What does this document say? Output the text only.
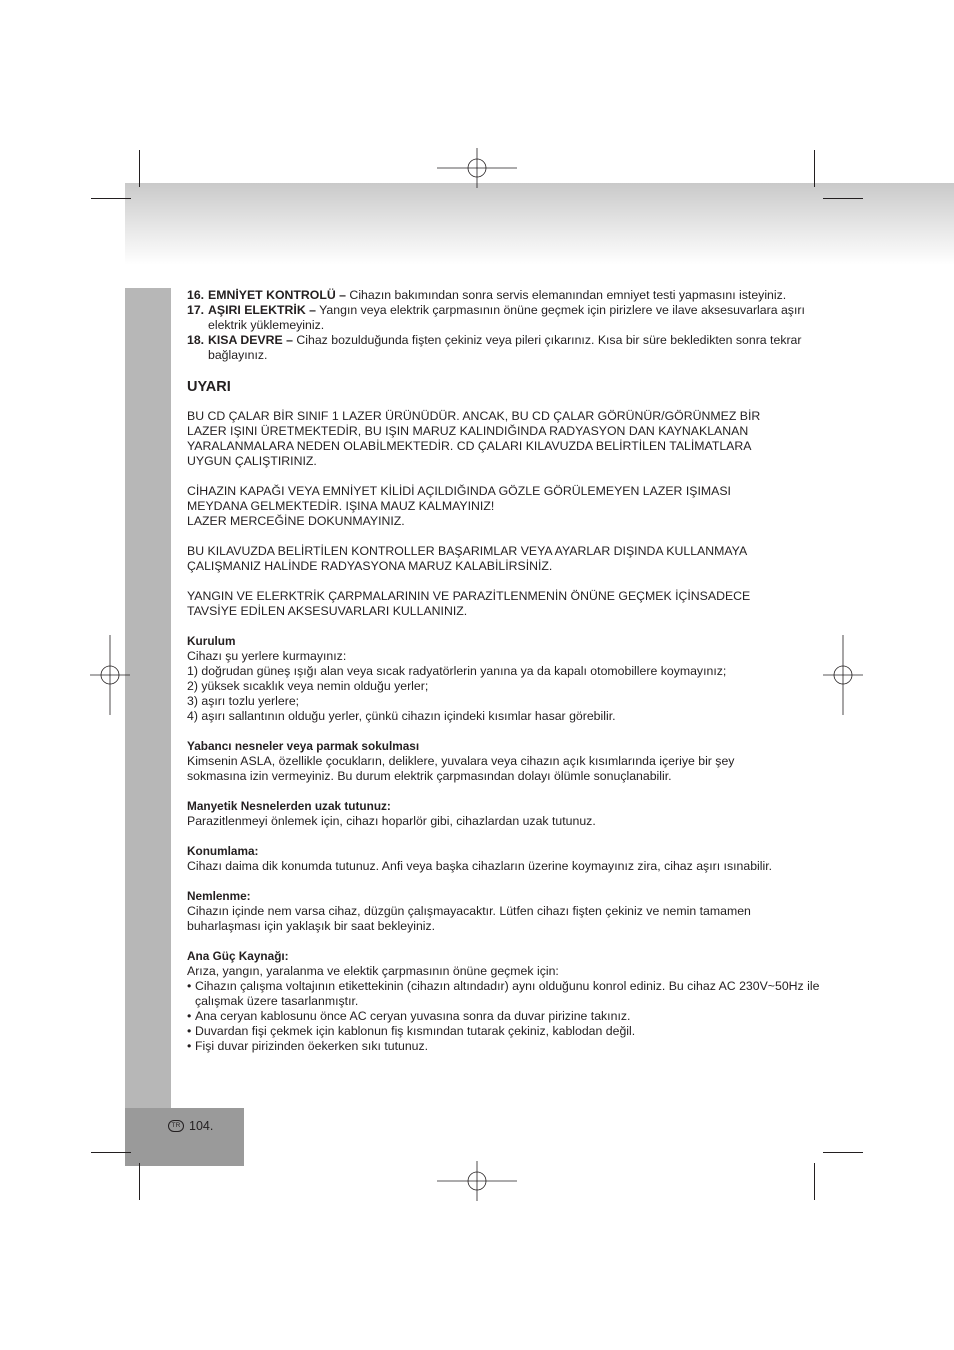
16. EMNİYET KONTROLÜ – Cihazın bakımından sonra servis elemanından emniyet testi yapmasını isteyiniz.
17. AŞIRI ELEKTRİK – Yangın veya elektrik çarpmasının önüne geçmek için pirizlere ve ilave aksesuvarlara aşırı elektrik yüklemeyiniz.
18. KISA DEVRE – Cihaz bozulduğunda fişten çekiniz veya pileri çıkarınız. Kısa bir süre bekledikten sonra tekrar bağlayınız.

UYARI

BU CD ÇALAR BİR SINIF 1 LAZER ÜRÜNÜDÜR. ANCAK, BU CD ÇALAR GÖRÜNÜR/GÖRÜNMEZ BİR

LAZER IŞINI ÜRETMEKTEDİR, BU IŞIN MARUZ KALINDIĞINDA RADYASYON DAN KAYNAKLANAN

YARALANMALARA NEDEN OLABİLMEKTEDİR. CD ÇALARI KILAVUZDA BELİRTİLEN TALİMATLARA

UYGUN ÇALIŞTIRINIZ.

CİHAZIN KAPAĞI VEYA EMNİYET KİLİDİ AÇILDIĞINDA GÖZLE GÖRÜLEMEYEN LAZER IŞIMASI

MEYDANA GELMEKTEDİR. IŞINA MAUZ KALMAYINIZ!

LAZER MERCEĞİNE DOKUNMAYINIZ.

BU KILAVUZDA BELİRTİLEN KONTROLLER BAŞARIMLAR VEYA AYARLAR DIŞINDA KULLANMAYA

ÇALIŞMANIZ HALİNDE RADYASYONA MARUZ KALABİLİRSİNİZ.

YANGIN VE ELERKTRİK ÇARPMALARININ VE PARAZİTLENMENİN ÖNÜNE GEÇMEK İÇİNSADECE

TAVSİYE EDİLEN AKSESUVARLARI KULLANINIZ.

Kurulum

Cihazı şu yerlere kurmayınız:

1) doğrudan güneş ışığı alan veya sıcak radyatörlerin yanına ya da kapalı otomobillere koymayınız;

2) yüksek sıcaklık veya nemin olduğu yerler;

3) aşırı tozlu yerlere;

4) aşırı sallantının olduğu yerler, çünkü cihazın içindeki kısımlar hasar görebilir.

Yabancı nesneler veya parmak sokulması

Kimsenin ASLA, özellikle çocukların, deliklere, yuvalara veya cihazın açık kısımlarında içeriye bir şey

sokmasına izin vermeyiniz. Bu durum elektrik çarpmasından dolayı ölümle sonuçlanabilir.

Manyetik Nesnelerden uzak tutunuz:

Parazitlenmeyi önlemek için, cihazı hoparlör gibi, cihazlardan uzak tutunuz.

Konumlama:

Cihazı daima dik konumda tutunuz. Anfi veya başka cihazların üzerine koymayınız zira, cihaz aşırı ısınabilir.

Nemlenme:

Cihazın içinde nem varsa cihaz, düzgün çalışmayacaktır. Lütfen cihazı fişten çekiniz ve nemin tamamen

buharlaşması için yaklaşık bir saat bekleyiniz.

Ana Güç Kaynağı:

Arıza, yangın, yaralanma ve elektik çarpmasının önüne geçmek için:

• Cihazın çalışma voltajının etikettekinin (cihazın altındadır) aynı olduğunu konrol ediniz. Bu cihaz AC 230V~50Hz ile çalışmak üzere tasarlanmıştır.
• Ana ceryan kablosunu önce AC ceryan yuvasına sonra da duvar pirizine takınız.
• Duvardan fişi çekmek için kablonun fiş kısmından tutarak çekiniz, kablodan değil.
• Fişi duvar pirizinden öekerken sıkı tutunuz.
TR 104.
